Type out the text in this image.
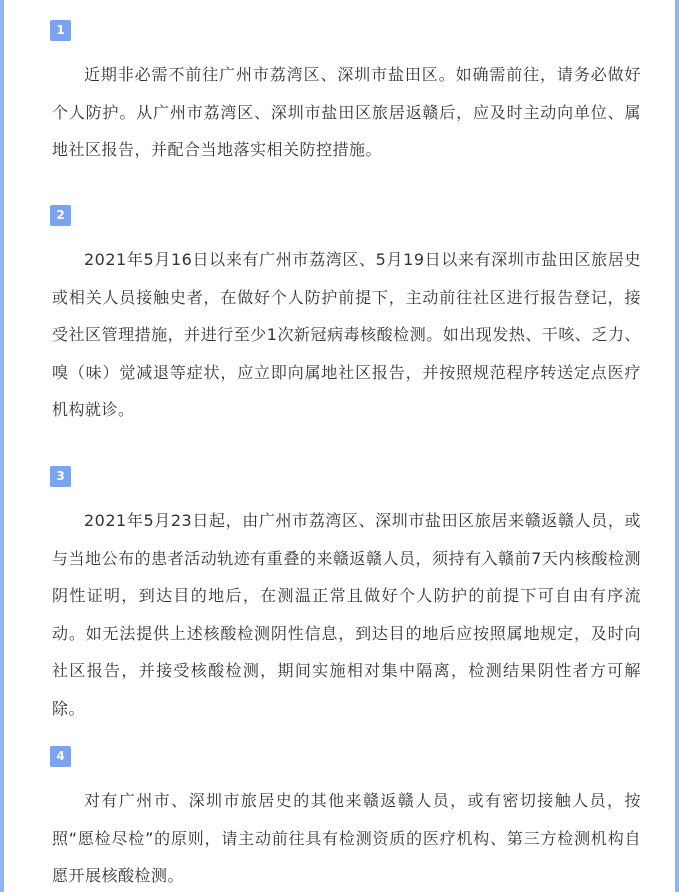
1

近期非必需不前往广州市荔湾区、深圳市盐田区。如确需前往，请务必做好个人防护。从广州市荔湾区、深圳市盐田区旅居返赣后，应及时主动向单位、属地社区报告，并配合当地落实相关防控措施。

2

2021年5月16日以来有广州市荔湾区、5月19日以来有深圳市盐田区旅居史或相关人员接触史者，在做好个人防护前提下，主动前往社区进行报告登记，接受社区管理措施，并进行至少1次新冠病毒核酸检测。如出现发热、干咳、乏力、嗅（味）觉减退等症状，应立即向属地社区报告，并按照规范程序转送定点医疗机构就诊。

3

2021年5月23日起，由广州市荔湾区、深圳市盐田区旅居来赣返赣人员，或与当地公布的患者活动轨迹有重叠的来赣返赣人员，须持有入赣前7天内核酸检测阴性证明，到达目的地后，在测温正常且做好个人防护的前提下可自由有序流动。如无法提供上述核酸检测阴性信息，到达目的地后应按照属地规定，及时向社区报告，并接受核酸检测，期间实施相对集中隔离，检测结果阴性者方可解除。

4

对有广州市、深圳市旅居史的其他来赣返赣人员，或有密切接触人员，按照“愿检尽检”的原则，请主动前往具有检测资质的医疗机构、第三方检测机构自愿开展核酸检测。
